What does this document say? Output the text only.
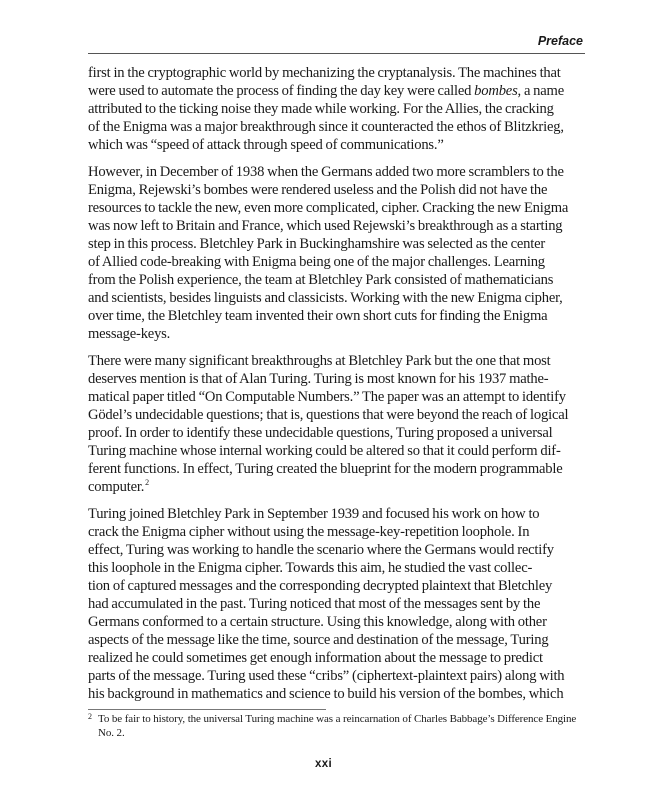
Preface

first in the cryptographic world by mechanizing the cryptanalysis. The machines that
were used to automate the process of finding the day key were called bombes, a name
attributed to the ticking noise they made while working. For the Allies, the cracking
of the Enigma was a major breakthrough since it counteracted the ethos of Blitzkrieg,
which was “speed of attack through speed of communications.”

However, in December of 1938 when the Germans added two more scramblers to the
Enigma, Rejewski’s bombes were rendered useless and the Polish did not have the
resources to tackle the new, even more complicated, cipher. Cracking the new Enigma
was now left to Britain and France, which used Rejewski’s breakthrough as a starting
step in this process. Bletchley Park in Buckinghamshire was selected as the center
of Allied code-breaking with Enigma being one of the major challenges. Learning
from the Polish experience, the team at Bletchley Park consisted of mathematicians
and scientists, besides linguists and classicists. Working with the new Enigma cipher,
over time, the Bletchley team invented their own short cuts for finding the Enigma
message-keys.

There were many significant breakthroughs at Bletchley Park but the one that most
deserves mention is that of Alan Turing. Turing is most known for his 1937 mathe-
matical paper titled “On Computable Numbers.” The paper was an attempt to identify
Gödel’s undecidable questions; that is, questions that were beyond the reach of logical
proof. In order to identify these undecidable questions, Turing proposed a universal
Turing machine whose internal working could be altered so that it could perform dif-
ferent functions. In effect, Turing created the blueprint for the modern programmable
computer.$^2$

Turing joined Bletchley Park in September 1939 and focused his work on how to
crack the Enigma cipher without using the message-key-repetition loophole. In
effect, Turing was working to handle the scenario where the Germans would rectify
this loophole in the Enigma cipher. Towards this aim, he studied the vast collec-
tion of captured messages and the corresponding decrypted plaintext that Bletchley
had accumulated in the past. Turing noticed that most of the messages sent by the
Germans conformed to a certain structure. Using this knowledge, along with other
aspects of the message like the time, source and destination of the message, Turing
realized he could sometimes get enough information about the message to predict
parts of the message. Turing used these “cribs” (ciphertext-plaintext pairs) along with
his background in mathematics and science to build his version of the bombes, which

2 To be fair to history, the universal Turing machine was a reincarnation of Charles Babbage’s Difference Engine
No. 2.
xxi
